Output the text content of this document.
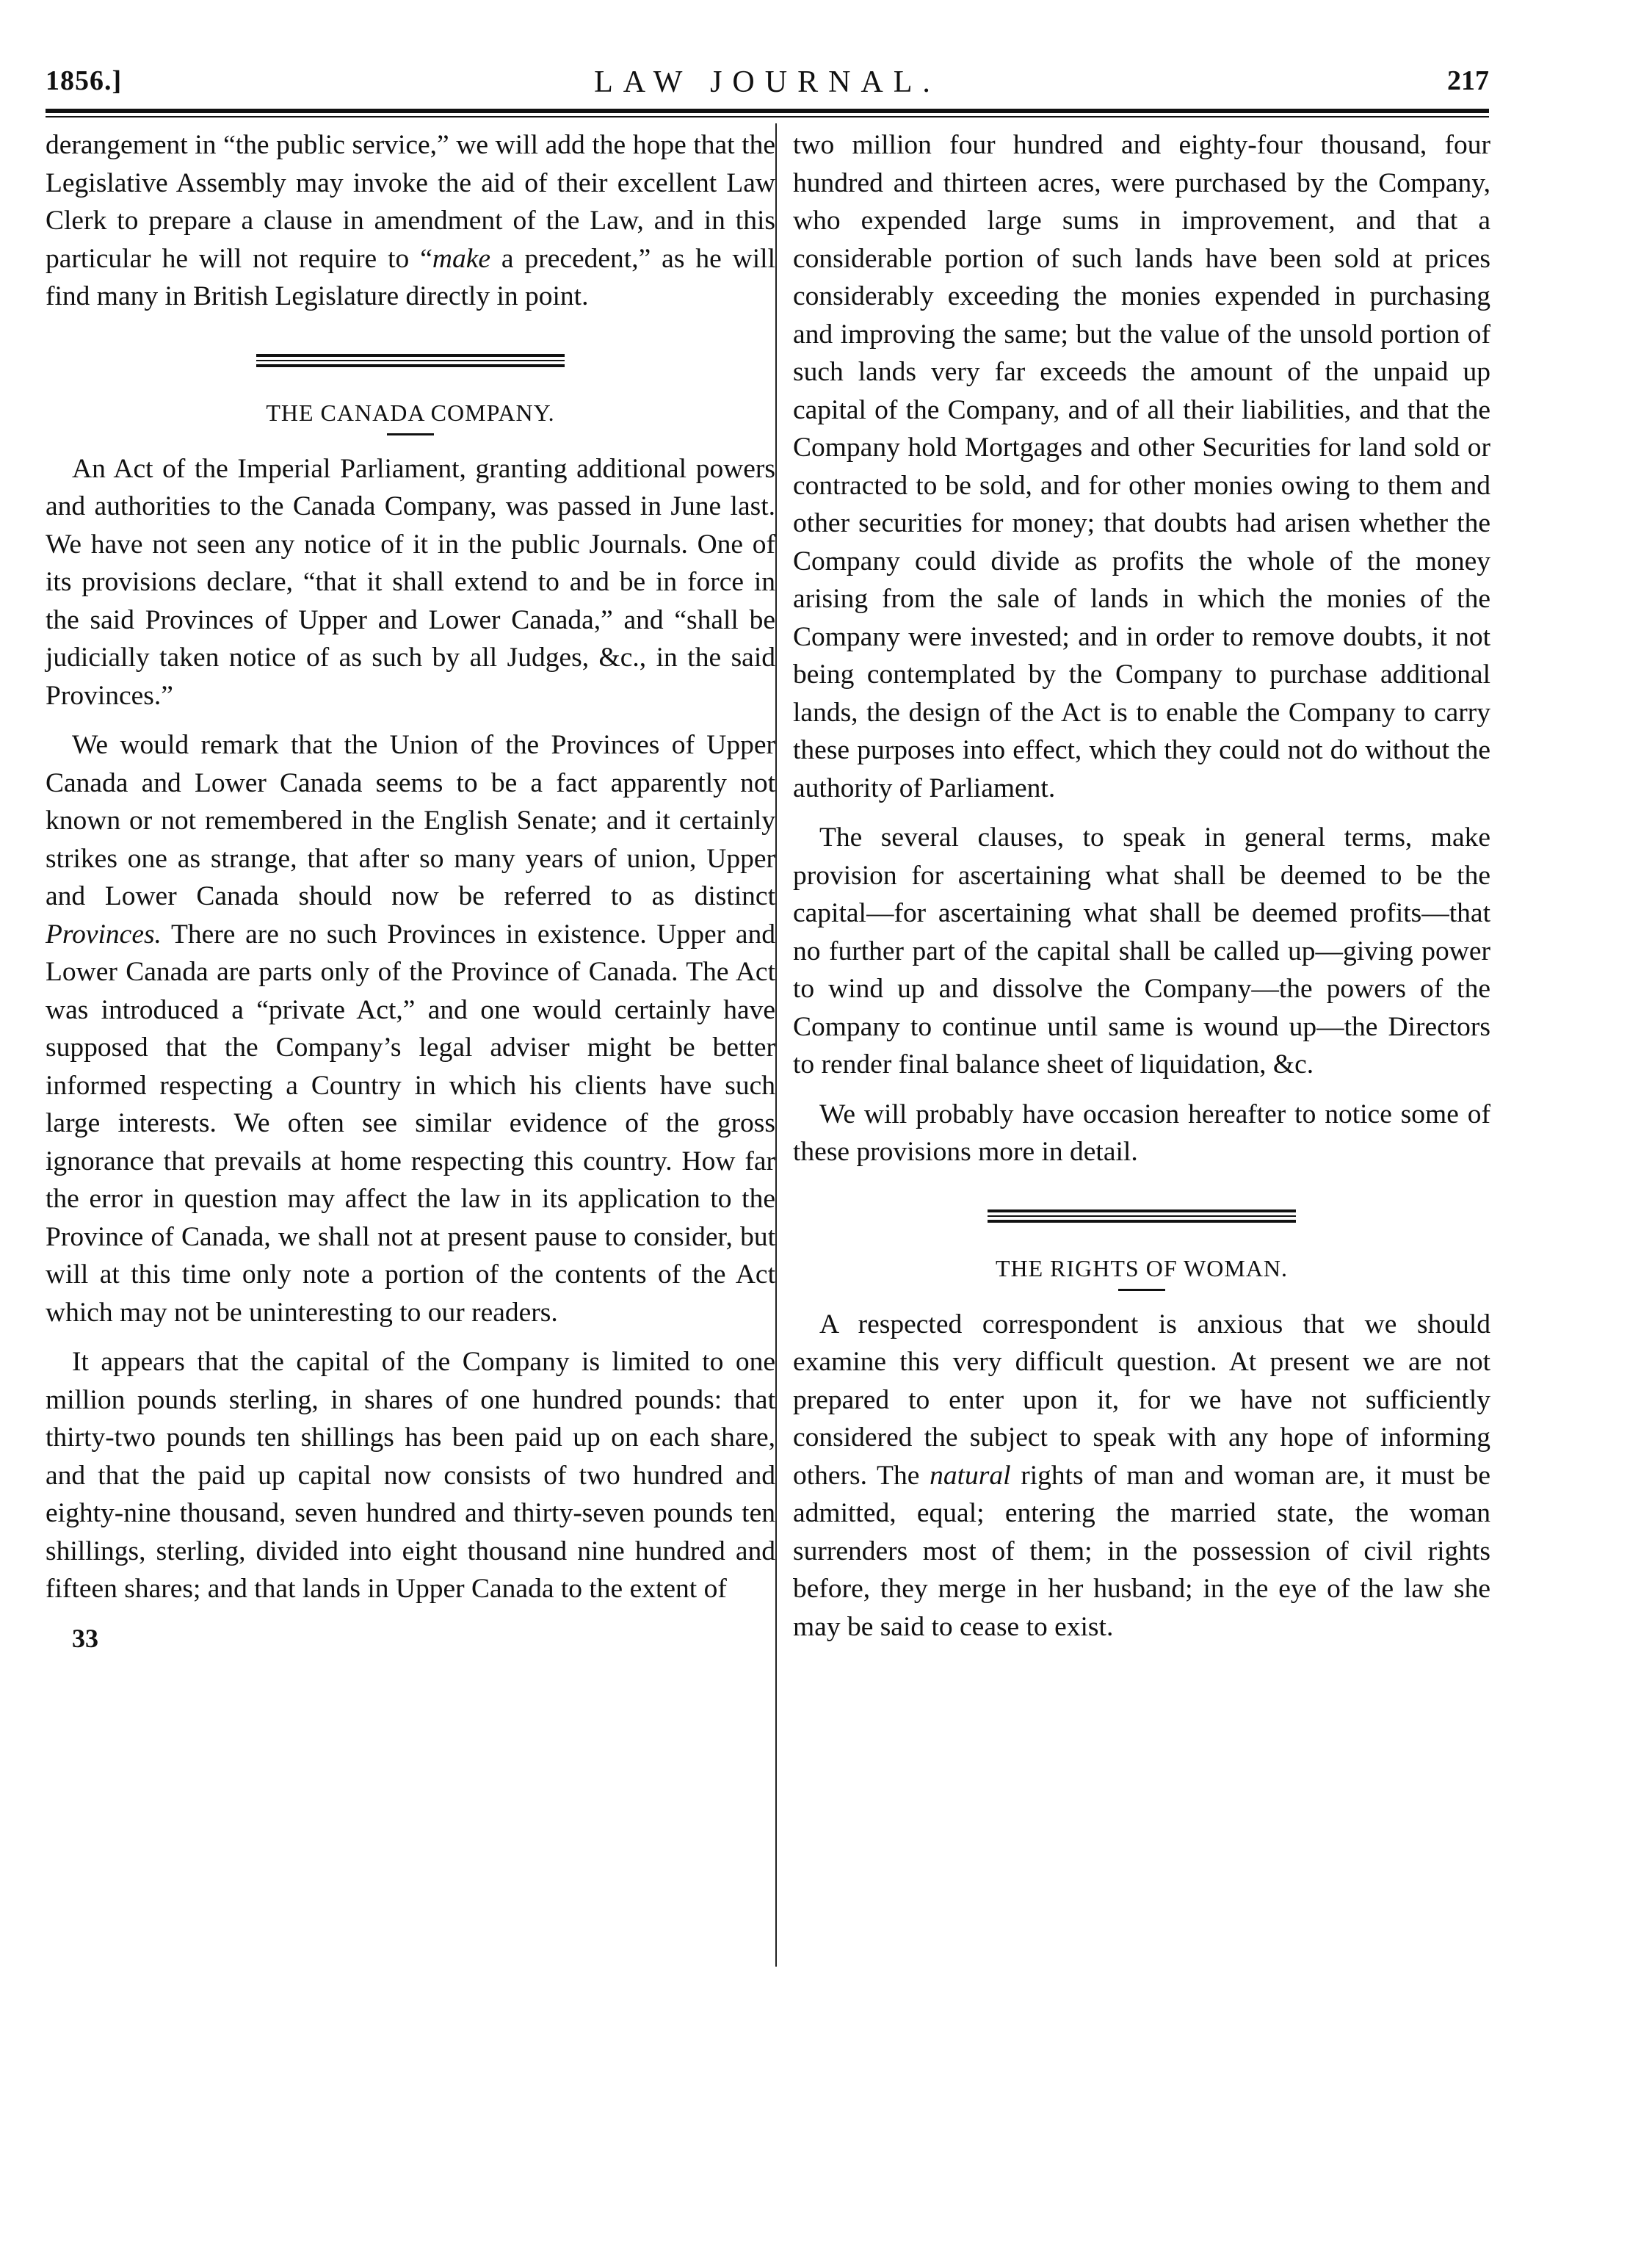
1856.]	LAW JOURNAL.	217

derangement in “the public service,” we will add the hope that the Legislative Assembly may invoke the aid of their excellent Law Clerk to prepare a clause in amendment of the Law, and in this particular he will not require to “make a precedent,” as he will find many in British Legislature directly in point.

THE CANADA COMPANY.

An Act of the Imperial Parliament, granting additional powers and authorities to the Canada Company, was passed in June last. We have not seen any notice of it in the public Journals. One of its provisions declare, “that it shall extend to and be in force in the said Provinces of Upper and Lower Canada,” and “shall be judicially taken notice of as such by all Judges, &c., in the said Provinces.”

We would remark that the Union of the Provinces of Upper Canada and Lower Canada seems to be a fact apparently not known or not remembered in the English Senate; and it certainly strikes one as strange, that after so many years of union, Upper and Lower Canada should now be referred to as distinct Provinces. There are no such Provinces in existence. Upper and Lower Canada are parts only of the Province of Canada. The Act was introduced a “private Act,” and one would certainly have supposed that the Company’s legal adviser might be better informed respecting a Country in which his clients have such large interests. We often see similar evidence of the gross ignorance that prevails at home respecting this country. How far the error in question may affect the law in its application to the Province of Canada, we shall not at present pause to consider, but will at this time only note a portion of the contents of the Act which may not be uninteresting to our readers.

It appears that the capital of the Company is limited to one million pounds sterling, in shares of one hundred pounds: that thirty-two pounds ten shillings has been paid up on each share, and that the paid up capital now consists of two hundred and eighty-nine thousand, seven hundred and thirty-seven pounds ten shillings, sterling, divided into eight thousand nine hundred and fifteen shares; and that lands in Upper Canada to the extent of

33

two million four hundred and eighty-four thousand, four hundred and thirteen acres, were purchased by the Company, who expended large sums in improvement, and that a considerable portion of such lands have been sold at prices considerably exceeding the monies expended in purchasing and improving the same; but the value of the unsold portion of such lands very far exceeds the amount of the unpaid up capital of the Company, and of all their liabilities, and that the Company hold Mortgages and other Securities for land sold or contracted to be sold, and for other monies owing to them and other securities for money; that doubts had arisen whether the Company could divide as profits the whole of the money arising from the sale of lands in which the monies of the Company were invested; and in order to remove doubts, it not being contemplated by the Company to purchase additional lands, the design of the Act is to enable the Company to carry these purposes into effect, which they could not do without the authority of Parliament.

The several clauses, to speak in general terms, make provision for ascertaining what shall be deemed to be the capital—for ascertaining what shall be deemed profits—that no further part of the capital shall be called up—giving power to wind up and dissolve the Company—the powers of the Company to continue until same is wound up—the Directors to render final balance sheet of liquidation, &c.

We will probably have occasion hereafter to notice some of these provisions more in detail.

THE RIGHTS OF WOMAN.

A respected correspondent is anxious that we should examine this very difficult question. At present we are not prepared to enter upon it, for we have not sufficiently considered the subject to speak with any hope of informing others. The natural rights of man and woman are, it must be admitted, equal; entering the married state, the woman surrenders most of them; in the possession of civil rights before, they merge in her husband; in the eye of the law she may be said to cease to exist.
